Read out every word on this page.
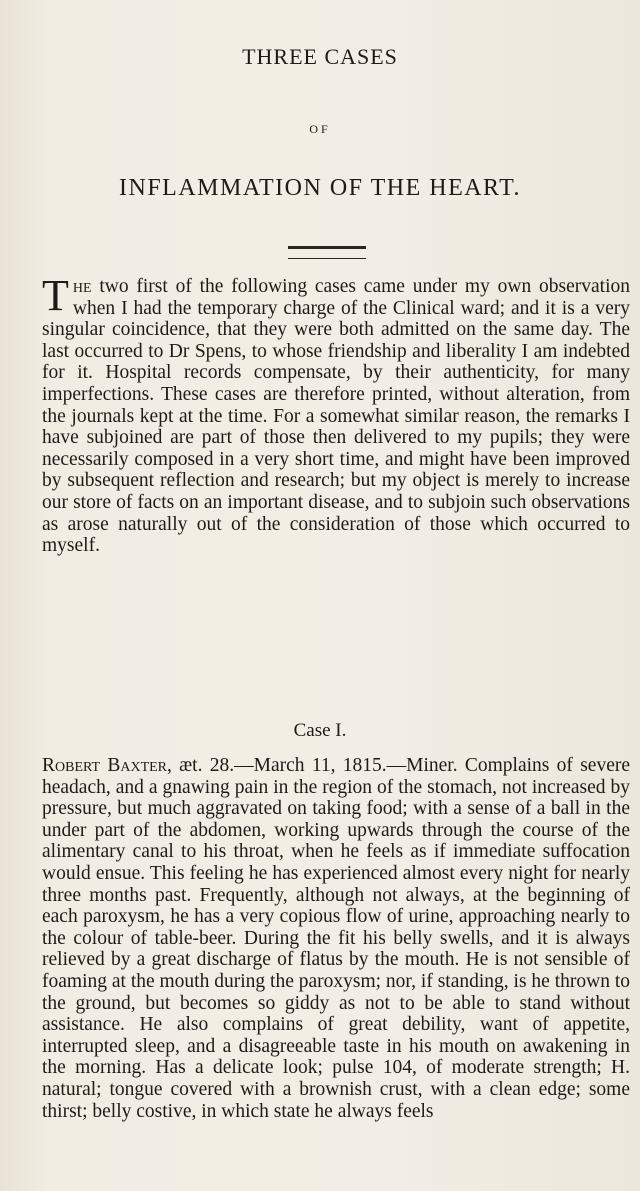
THREE CASES
OF
INFLAMMATION OF THE HEART.
The two first of the following cases came under my own observation when I had the temporary charge of the Clinical ward; and it is a very singular coincidence, that they were both admitted on the same day. The last occurred to Dr Spens, to whose friendship and liberality I am indebted for it. Hospital records compensate, by their authenticity, for many imperfections. These cases are therefore printed, without alteration, from the journals kept at the time. For a somewhat similar reason, the remarks I have subjoined are part of those then delivered to my pupils; they were necessarily composed in a very short time, and might have been improved by subsequent reflection and research; but my object is merely to increase our store of facts on an important disease, and to subjoin such observations as arose naturally out of the consideration of those which occurred to myself.
Case I.
Robert Baxter, æt. 28.—March 11, 1815.—Miner. Complains of severe headach, and a gnawing pain in the region of the stomach, not increased by pressure, but much aggravated on taking food; with a sense of a ball in the under part of the abdomen, working upwards through the course of the alimentary canal to his throat, when he feels as if immediate suffocation would ensue. This feeling he has experienced almost every night for nearly three months past. Frequently, although not always, at the beginning of each paroxysm, he has a very copious flow of urine, approaching nearly to the colour of table-beer. During the fit his belly swells, and it is always relieved by a great discharge of flatus by the mouth. He is not sensible of foaming at the mouth during the paroxysm; nor, if standing, is he thrown to the ground, but becomes so giddy as not to be able to stand without assistance. He also complains of great debility, want of appetite, interrupted sleep, and a disagreeable taste in his mouth on awakening in the morning. Has a delicate look; pulse 104, of moderate strength; H. natural; tongue covered with a brownish crust, with a clean edge; some thirst; belly costive, in which state he always feels
